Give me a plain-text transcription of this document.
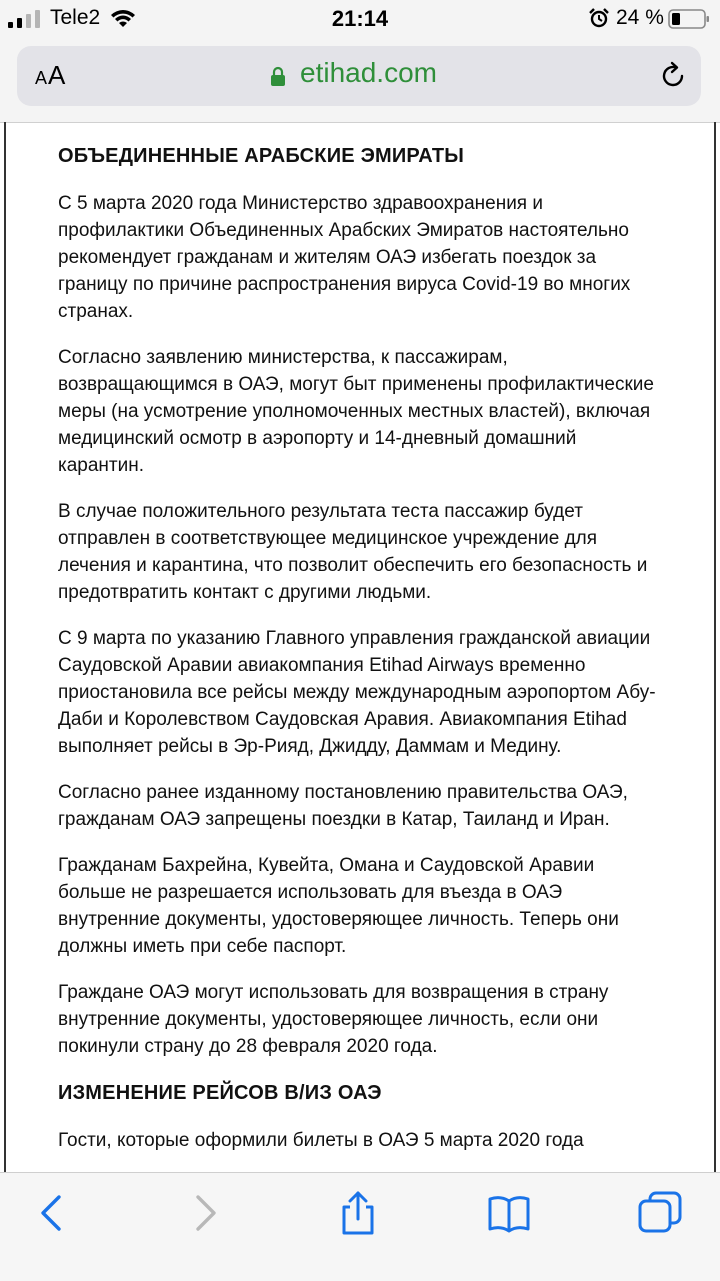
Tele2	21:14	24 %
AA	etihad.com
ОБЪЕДИНЕННЫЕ АРАБСКИЕ ЭМИРАТЫ

С 5 марта 2020 года Министерство здравоохранения и профилактики Объединенных Арабских Эмиратов настоятельно рекомендует гражданам и жителям ОАЭ избегать поездок за границу по причине распространения вируса Covid-19 во многих странах.

Согласно заявлению министерства, к пассажирам, возвращающимся в ОАЭ, могут быт применены профилактические меры (на усмотрение уполномоченных местных властей), включая медицинский осмотр в аэропорту и 14-дневный домашний карантин.

В случае положительного результата теста пассажир будет отправлен в соответствующее медицинское учреждение для лечения и карантина, что позволит обеспечить его безопасность и предотвратить контакт с другими людьми.

С 9 марта по указанию Главного управления гражданской авиации Саудовской Аравии авиакомпания Etihad Airways временно приостановила все рейсы между международным аэропортом Абу-Даби и Королевством Саудовская Аравия. Авиакомпания Etihad выполняет рейсы в Эр-Рияд, Джидду, Даммам и Медину.

Согласно ранее изданному постановлению правительства ОАЭ, гражданам ОАЭ запрещены поездки в Катар, Таиланд и Иран.

Гражданам Бахрейна, Кувейта, Омана и Саудовской Аравии больше не разрешается использовать для въезда в ОАЭ внутренние документы, удостоверяющее личность. Теперь они должны иметь при себе паспорт.

Граждане ОАЭ могут использовать для возвращения в страну внутренние документы, удостоверяющее личность, если они покинули страну до 28 февраля 2020 года.

ИЗМЕНЕНИЕ РЕЙСОВ В/ИЗ ОАЭ

Гости, которые оформили билеты в ОАЭ 5 марта 2020 года
